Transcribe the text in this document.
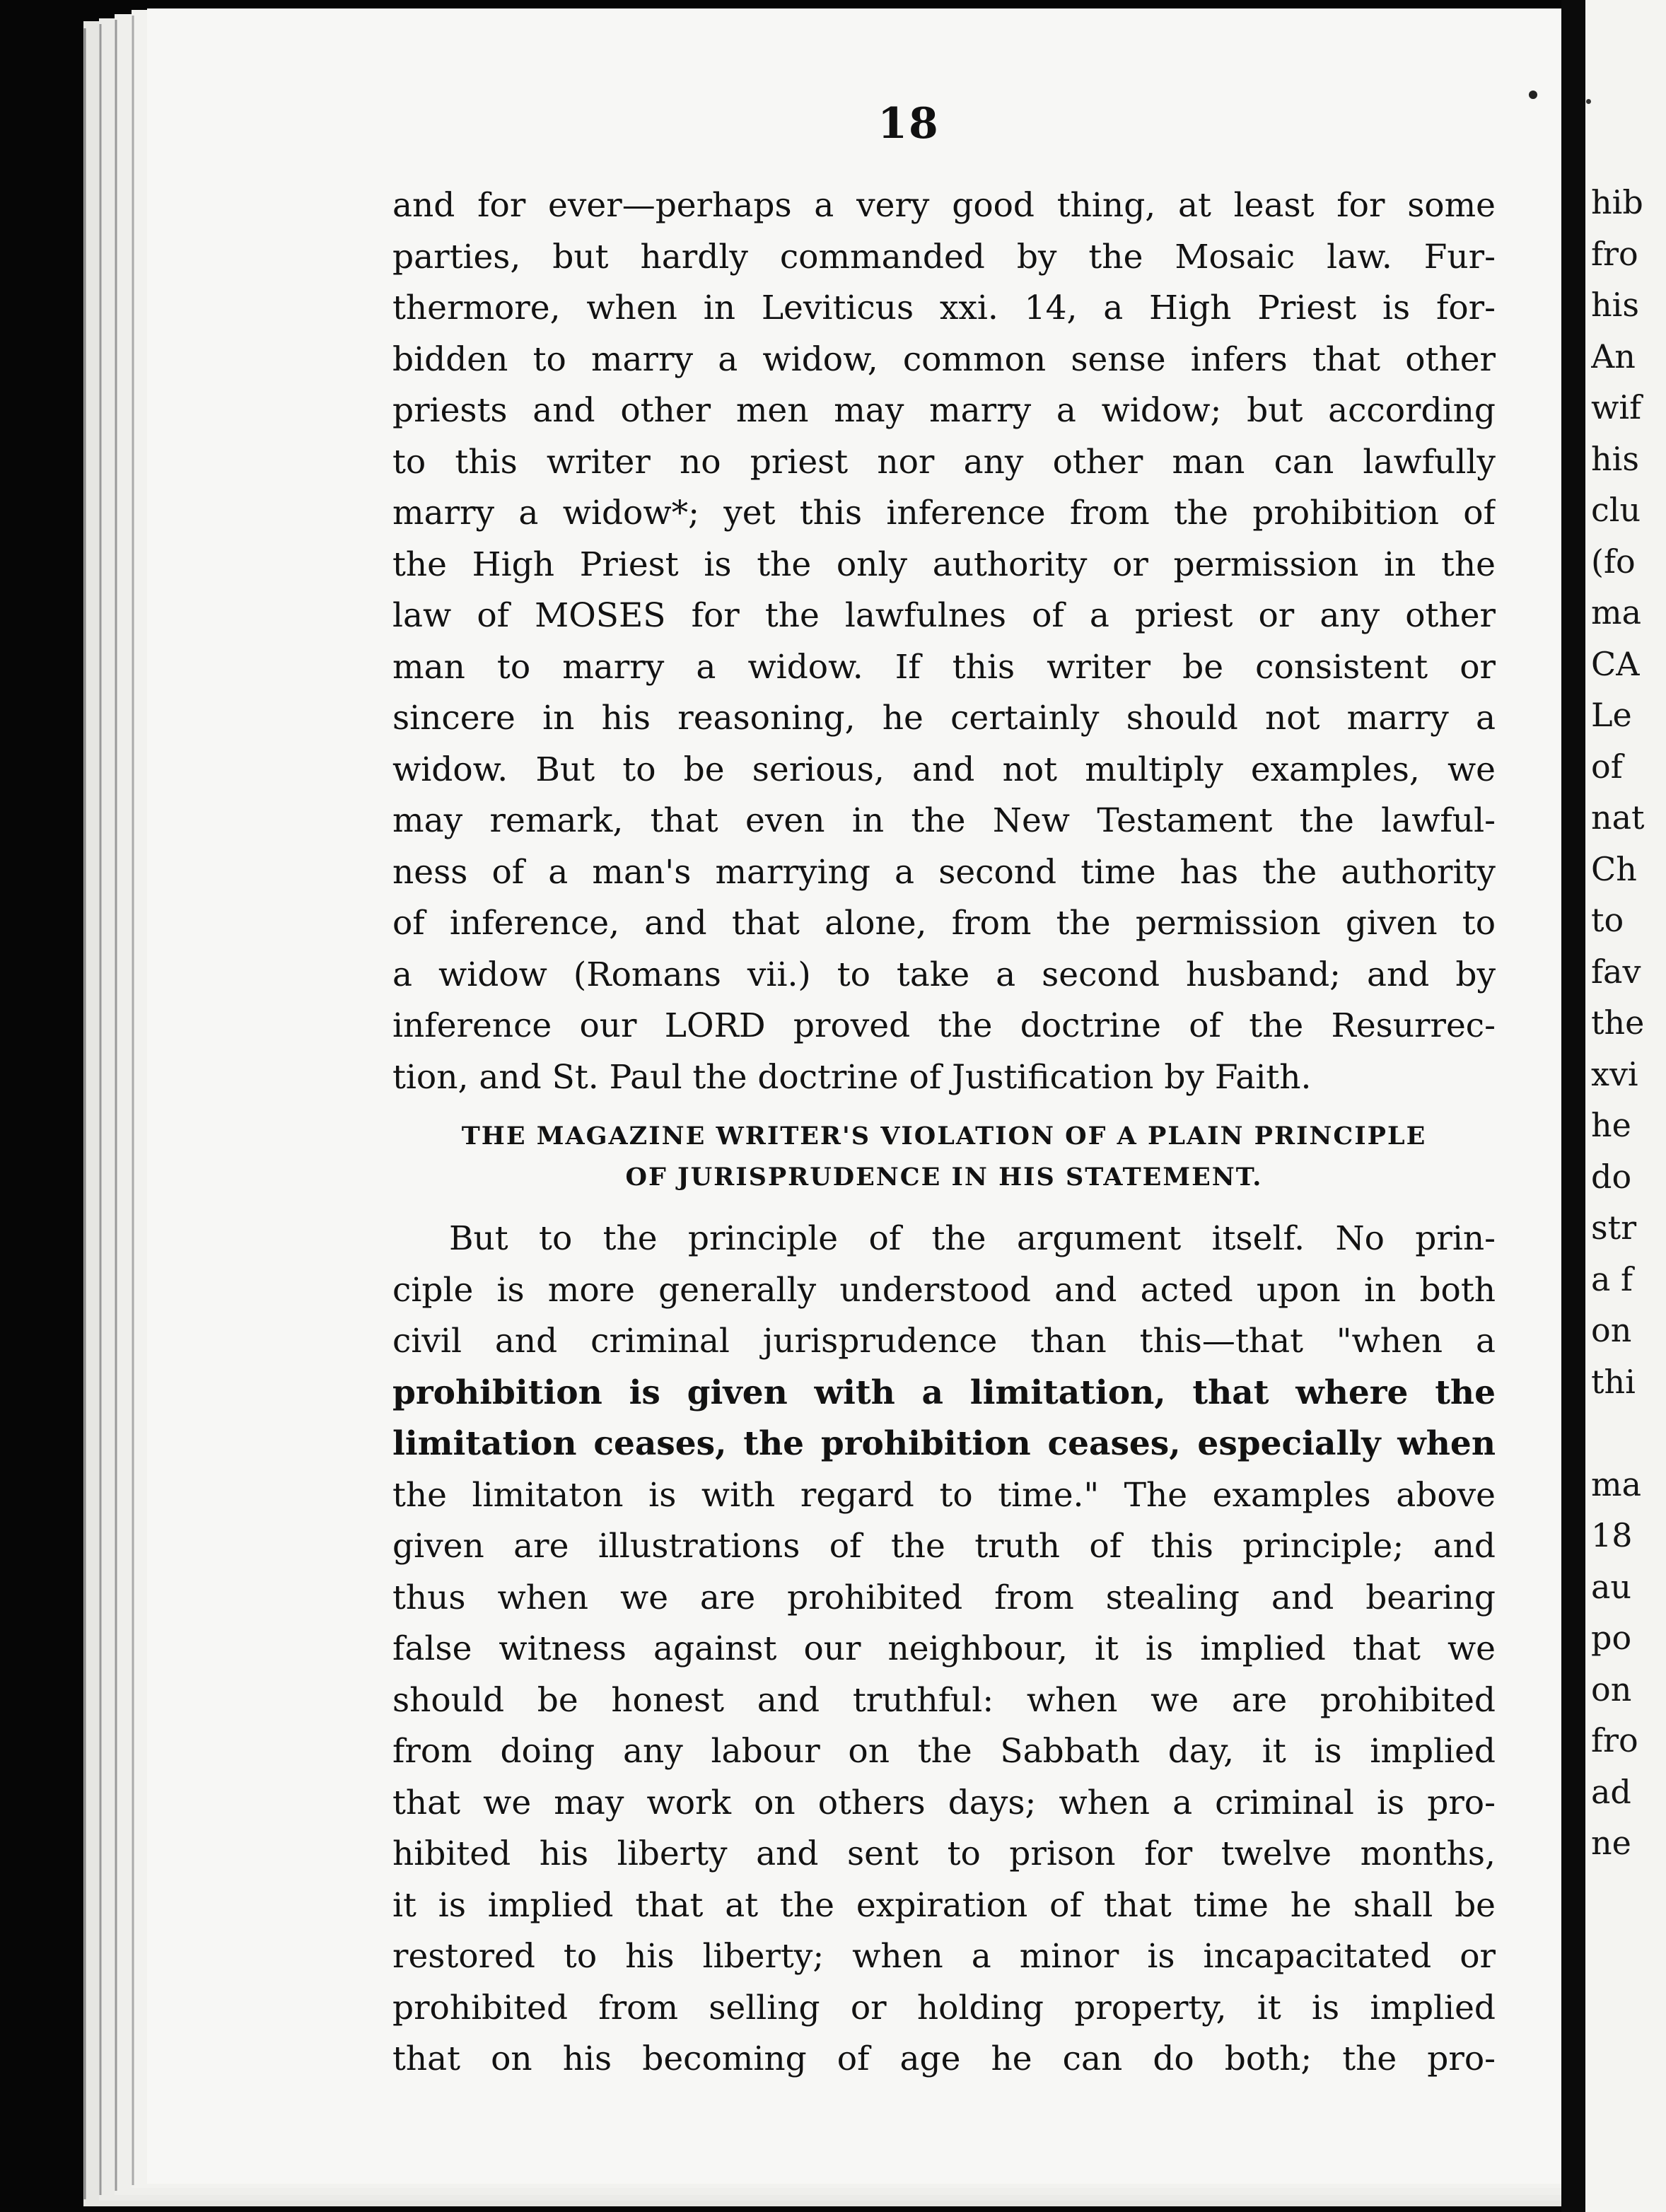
18
and for ever—perhaps a very good thing, at least for some
parties, but hardly commanded by the Mosaic law. Fur-
thermore, when in Leviticus xxi. 14, a High Priest is for-
bidden to marry a widow, common sense infers that other
priests and other men may marry a widow; but according
to this writer no priest nor any other man can lawfully
marry a widow*; yet this inference from the prohibition of
the High Priest is the only authority or permission in the
law of MOSES for the lawfulnes of a priest or any other
man to marry a widow. If this writer be consistent or
sincere in his reasoning, he certainly should not marry a
widow. But to be serious, and not multiply examples, we
may remark, that even in the New Testament the lawful-
ness of a man's marrying a second time has the authority
of inference, and that alone, from the permission given to
a widow (Romans vii.) to take a second husband; and by
inference our LORD proved the doctrine of the Resurrec-
tion, and St. Paul the doctrine of Justification by Faith.
THE MAGAZINE WRITER'S VIOLATION OF A PLAIN PRINCIPLE
OF JURISPRUDENCE IN HIS STATEMENT.
But to the principle of the argument itself. No prin-
ciple is more generally understood and acted upon in both
civil and criminal jurisprudence than this—that "when a
prohibition is given with a limitation, that where the
limitation ceases, the prohibition ceases, especially when
the limitaton is with regard to time." The examples above
given are illustrations of the truth of this principle; and
thus when we are prohibited from stealing and bearing
false witness against our neighbour, it is implied that we
should be honest and truthful: when we are prohibited
from doing any labour on the Sabbath day, it is implied
that we may work on others days; when a criminal is pro-
hibited his liberty and sent to prison for twelve months,
it is implied that at the expiration of that time he shall be
restored to his liberty; when a minor is incapacitated or
prohibited from selling or holding property, it is implied
that on his becoming of age he can do both; the pro-
hib
fro
his
An
wif
his
clu
(fo
ma
CA
Le
of
nat
Ch
to
fav
the
xvi
he
do
str
a f
on
thi
ma
18
au
po
on
fro
ad
ne
